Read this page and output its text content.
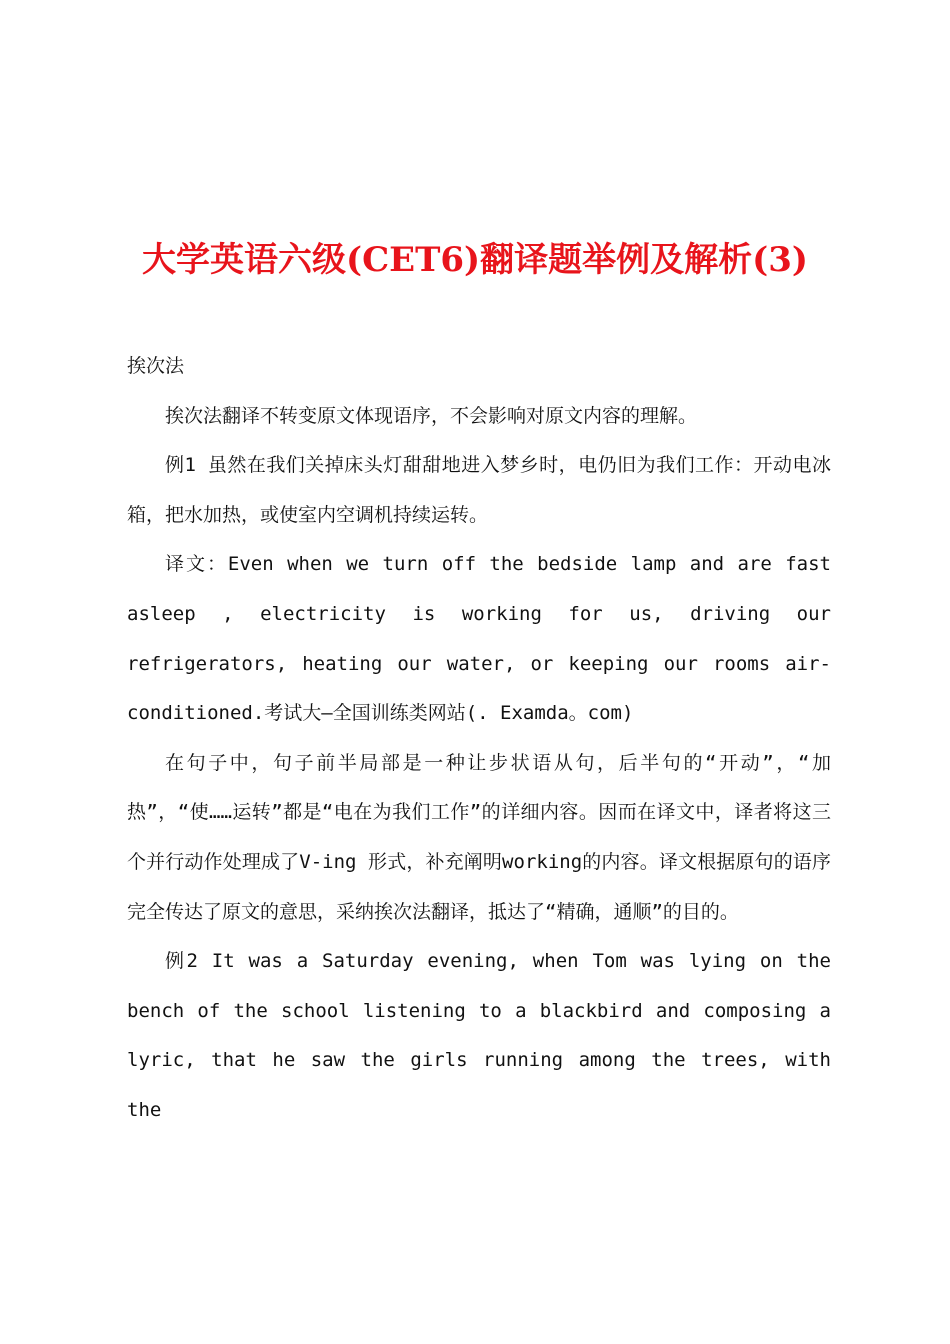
大学英语六级(CET6)翻译题举例及解析(3)

挨次法

挨次法翻译不转变原文体现语序，不会影响对原文内容的理解。

例1 虽然在我们关掉床头灯甜甜地进入梦乡时，电仍旧为我们工作：开动电冰箱，把水加热，或使室内空调机持续运转。

译文：Even when we turn off the bedside lamp and are fast asleep , electricity is working for us, driving our refrigerators, heating our water, or keeping our rooms air-conditioned.考试大—全国训练类网站(. Examda。com)

在句子中，句子前半局部是一种让步状语从句，后半句的“开动”，“加热”，“使……运转”都是“电在为我们工作”的详细内容。因而在译文中，译者将这三个并行动作处理成了V-ing 形式，补充阐明working的内容。译文根据原句的语序完全传达了原文的意思，采纳挨次法翻译，抵达了“精确，通顺”的目的。

例2 It was a Saturday evening, when Tom was lying on the bench of the school listening to a blackbird and composing a lyric, that he saw the girls running among the trees, with the
